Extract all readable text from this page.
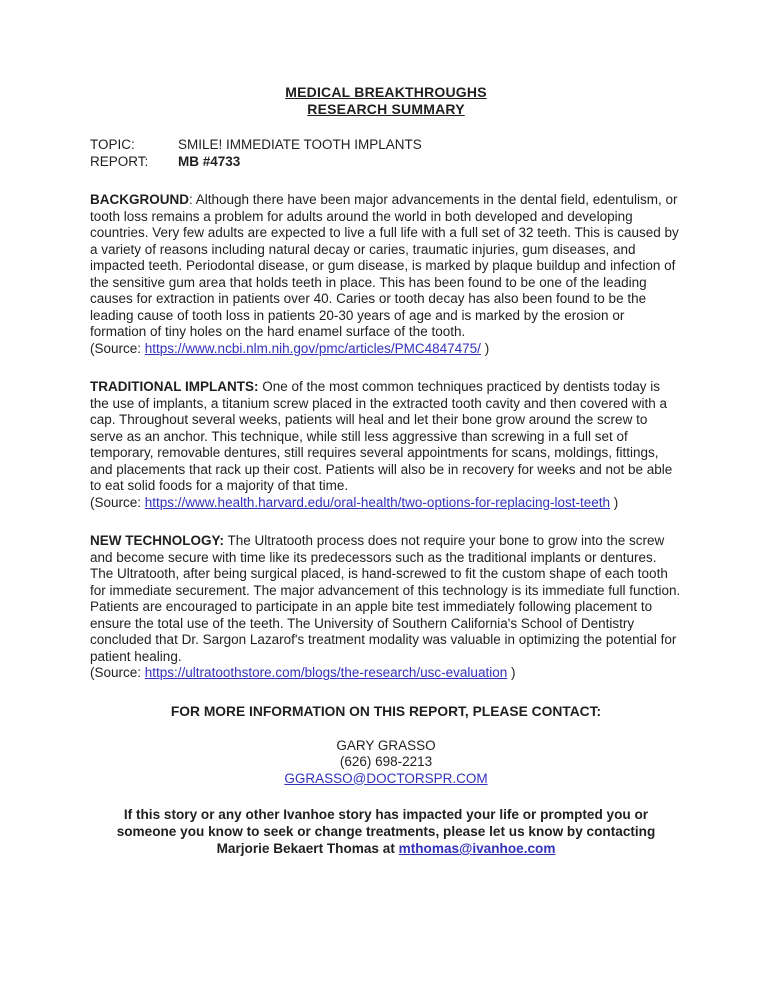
MEDICAL BREAKTHROUGHS
RESEARCH SUMMARY
TOPIC:	SMILE! IMMEDIATE TOOTH IMPLANTS
REPORT:	MB #4733
BACKGROUND: Although there have been major advancements in the dental field, edentulism, or tooth loss remains a problem for adults around the world in both developed and developing countries. Very few adults are expected to live a full life with a full set of 32 teeth. This is caused by a variety of reasons including natural decay or caries, traumatic injuries, gum diseases, and impacted teeth. Periodontal disease, or gum disease, is marked by plaque buildup and infection of the sensitive gum area that holds teeth in place. This has been found to be one of the leading causes for extraction in patients over 40. Caries or tooth decay has also been found to be the leading cause of tooth loss in patients 20-30 years of age and is marked by the erosion or formation of tiny holes on the hard enamel surface of the tooth.
(Source: https://www.ncbi.nlm.nih.gov/pmc/articles/PMC4847475/ )
TRADITIONAL IMPLANTS: One of the most common techniques practiced by dentists today is the use of implants, a titanium screw placed in the extracted tooth cavity and then covered with a cap. Throughout several weeks, patients will heal and let their bone grow around the screw to serve as an anchor. This technique, while still less aggressive than screwing in a full set of temporary, removable dentures, still requires several appointments for scans, moldings, fittings, and placements that rack up their cost. Patients will also be in recovery for weeks and not be able to eat solid foods for a majority of that time.
(Source: https://www.health.harvard.edu/oral-health/two-options-for-replacing-lost-teeth )
NEW TECHNOLOGY: The Ultratooth process does not require your bone to grow into the screw and become secure with time like its predecessors such as the traditional implants or dentures. The Ultratooth, after being surgical placed, is hand-screwed to fit the custom shape of each tooth for immediate securement. The major advancement of this technology is its immediate full function. Patients are encouraged to participate in an apple bite test immediately following placement to ensure the total use of the teeth. The University of Southern California's School of Dentistry concluded that Dr. Sargon Lazarof's treatment modality was valuable in optimizing the potential for patient healing.
(Source: https://ultratoothstore.com/blogs/the-research/usc-evaluation )
FOR MORE INFORMATION ON THIS REPORT, PLEASE CONTACT:
GARY GRASSO
(626) 698-2213
GGRASSO@DOCTORSPR.COM
If this story or any other Ivanhoe story has impacted your life or prompted you or someone you know to seek or change treatments, please let us know by contacting Marjorie Bekaert Thomas at mthomas@ivanhoe.com
